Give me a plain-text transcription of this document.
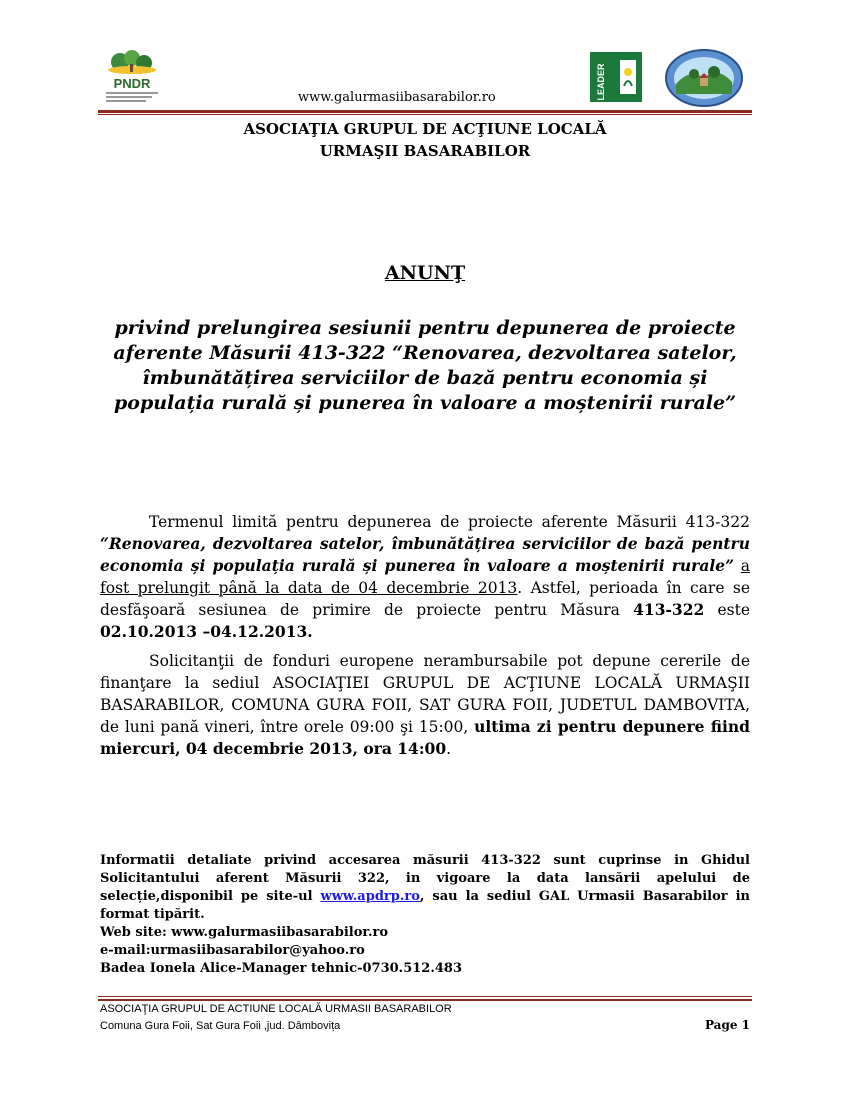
PNDR
www.galurmasiibasarabilor.ro	LEADER
ASOCIAŢIA GRUPUL DE ACŢIUNE LOCALĂ
URMAŞII BASARABILOR
ANUNŢ
privind prelungirea sesiunii pentru depunerea de proiecte aferente Măsurii 413-322 “Renovarea, dezvoltarea satelor, îmbunătățirea serviciilor de bază pentru economia și populația rurală și punerea în valoare a moștenirii rurale”
Termenul limită pentru depunerea de proiecte aferente Măsurii 413-322 “Renovarea, dezvoltarea satelor, îmbunătățirea serviciilor de bază pentru economia și populația rurală și punerea în valoare a moștenirii rurale” a fost prelungit până la data de 04 decembrie 2013. Astfel, perioada în care se desfăşoară sesiunea de primire de proiecte pentru Măsura 413-322 este 02.10.2013 –04.12.2013.
Solicitanţii de fonduri europene nerambursabile pot depune cererile de finanţare la sediul ASOCIAŢIEI GRUPUL DE ACŢIUNE LOCALĂ URMAŞII BASARABILOR, COMUNA GURA FOII, SAT GURA FOII, JUDETUL DAMBOVITA, de luni pană vineri, între orele 09:00 şi 15:00, ultima zi pentru depunere fiind miercuri, 04 decembrie 2013, ora 14:00.

Informatii detaliate privind accesarea măsurii 413-322 sunt cuprinse in Ghidul Solicitantului aferent Măsurii 322, in vigoare la data lansării apelului de selecție,disponibil pe site-ul www.apdrp.ro, sau la sediul GAL Urmasii Basarabilor in format tipărit.

Web site: www.galurmasiibasarabilor.ro
e-mail:urmasiibasarabilor@yahoo.ro
Badea Ionela Alice-Manager tehnic-0730.512.483
ASOCIAŢIA GRUPUL DE ACTIUNE LOCALĂ URMASII BASARABILOR
Comuna Gura Foii, Sat Gura Foii ,jud. Dâmbovița	Page 1
